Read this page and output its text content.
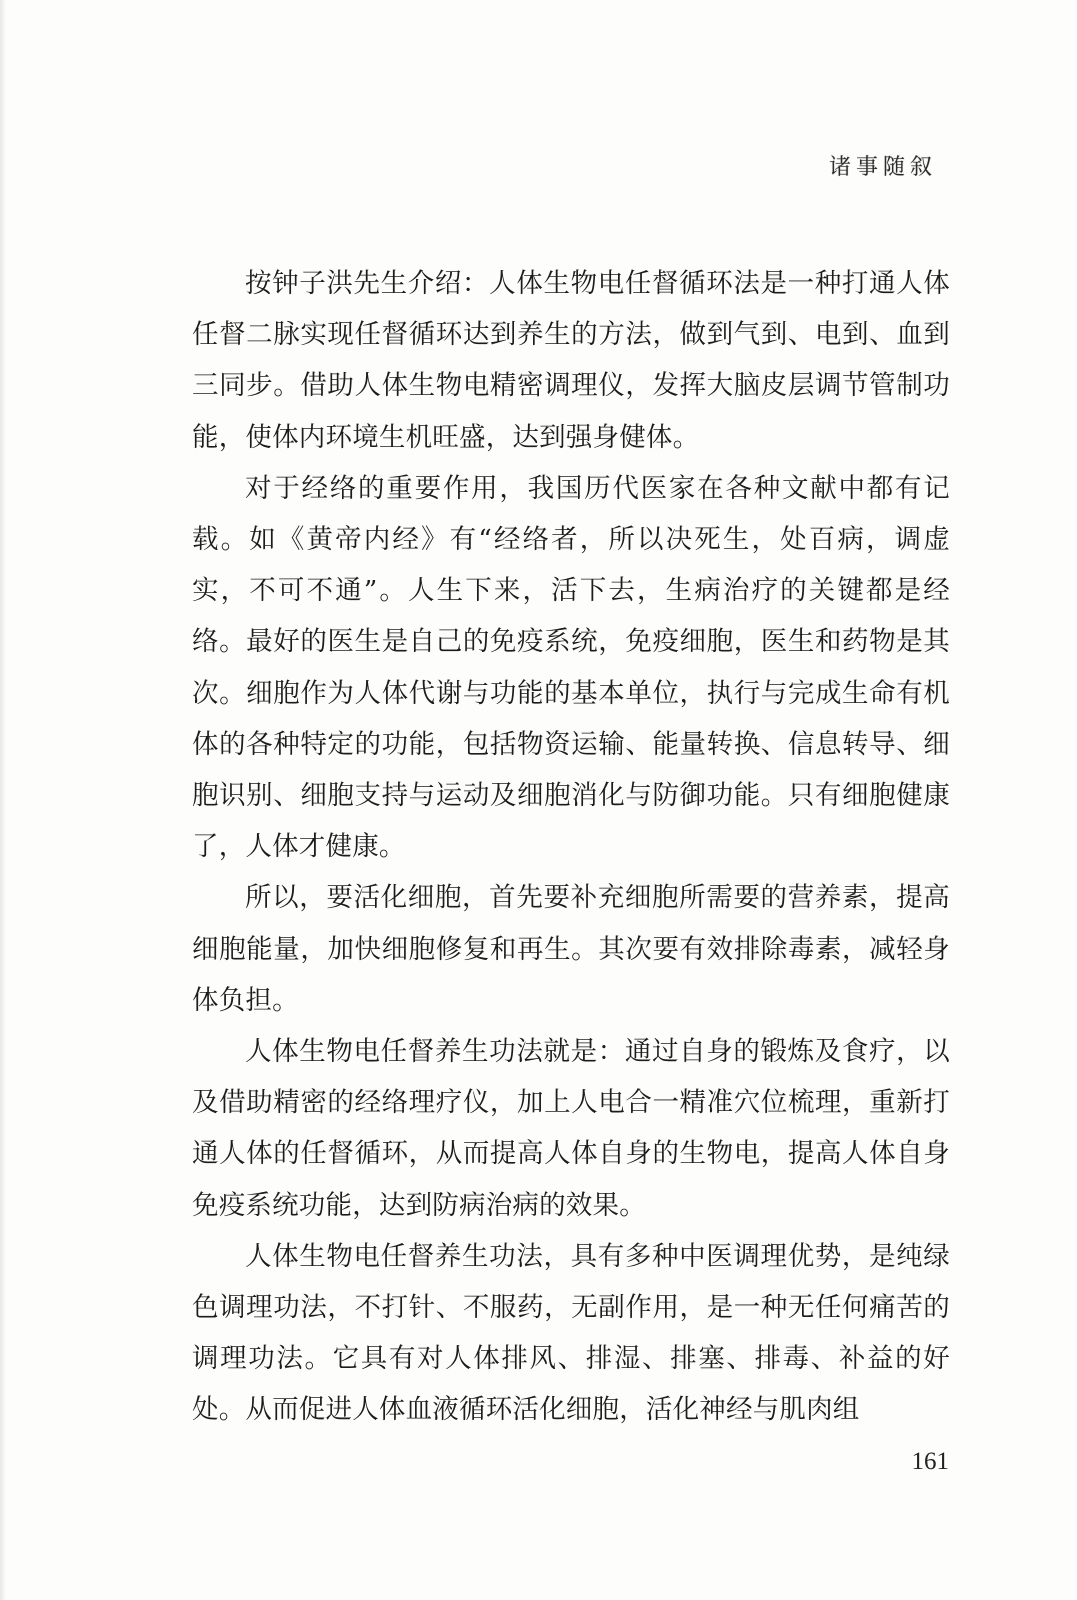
诸事随叙

按钟子洪先生介绍：人体生物电任督循环法是一种打通人体任督二脉实现任督循环达到养生的方法，做到气到、电到、血到三同步。借助人体生物电精密调理仪，发挥大脑皮层调节管制功能，使体内环境生机旺盛，达到强身健体。

对于经络的重要作用，我国历代医家在各种文献中都有记载。如《黄帝内经》有“经络者，所以决死生，处百病，调虚实，不可不通”。人生下来，活下去，生病治疗的关键都是经络。最好的医生是自己的免疫系统，免疫细胞，医生和药物是其次。细胞作为人体代谢与功能的基本单位，执行与完成生命有机体的各种特定的功能，包括物资运输、能量转换、信息转导、细胞识别、细胞支持与运动及细胞消化与防御功能。只有细胞健康了，人体才健康。

所以，要活化细胞，首先要补充细胞所需要的营养素，提高细胞能量，加快细胞修复和再生。其次要有效排除毒素，减轻身体负担。

人体生物电任督养生功法就是：通过自身的锻炼及食疗，以及借助精密的经络理疗仪，加上人电合一精准穴位梳理，重新打通人体的任督循环，从而提高人体自身的生物电，提高人体自身免疫系统功能，达到防病治病的效果。

人体生物电任督养生功法，具有多种中医调理优势，是纯绿色调理功法，不打针、不服药，无副作用，是一种无任何痛苦的调理功法。它具有对人体排风、排湿、排塞、排毒、补益的好处。从而促进人体血液循环活化细胞，活化神经与肌肉组

161
